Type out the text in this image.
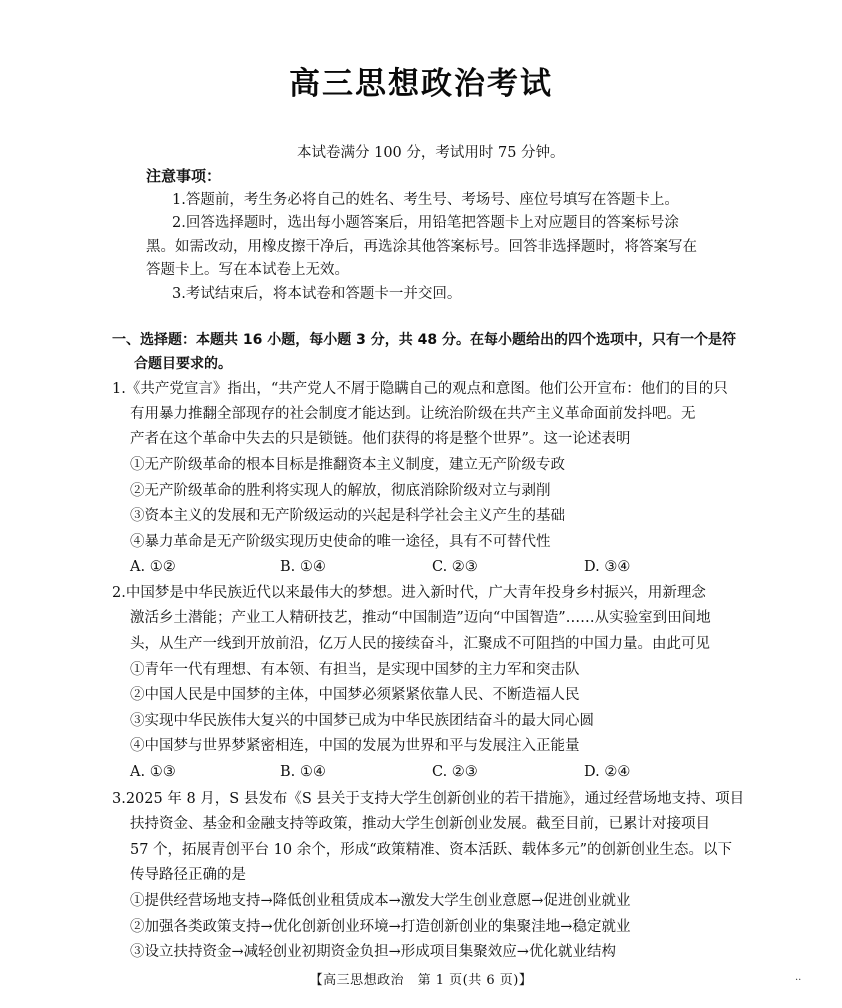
高三思想政治考试
本试卷满分 100 分，考试用时 75 分钟。
注意事项：
1.答题前，考生务必将自己的姓名、考生号、考场号、座位号填写在答题卡上。
2.回答选择题时，选出每小题答案后，用铅笔把答题卡上对应题目的答案标号涂
黑。如需改动，用橡皮擦干净后，再选涂其他答案标号。回答非选择题时，将答案写在
答题卡上。写在本试卷上无效。
3.考试结束后，将本试卷和答题卡一并交回。
一、选择题：本题共 16 小题，每小题 3 分，共 48 分。在每小题给出的四个选项中，只有一个是符
合题目要求的。
1.《共产党宣言》指出，“共产党人不屑于隐瞒自己的观点和意图。他们公开宣布：他们的目的只
有用暴力推翻全部现存的社会制度才能达到。让统治阶级在共产主义革命面前发抖吧。无
产者在这个革命中失去的只是锁链。他们获得的将是整个世界”。这一论述表明
①无产阶级革命的根本目标是推翻资本主义制度，建立无产阶级专政
②无产阶级革命的胜利将实现人的解放，彻底消除阶级对立与剥削
③资本主义的发展和无产阶级运动的兴起是科学社会主义产生的基础
④暴力革命是无产阶级实现历史使命的唯一途径，具有不可替代性
A. ①②	B. ①④	C. ②③	D. ③④
2.中国梦是中华民族近代以来最伟大的梦想。进入新时代，广大青年投身乡村振兴，用新理念
激活乡土潜能；产业工人精研技艺，推动“中国制造”迈向“中国智造”……从实验室到田间地
头，从生产一线到开放前沿，亿万人民的接续奋斗，汇聚成不可阻挡的中国力量。由此可见
①青年一代有理想、有本领、有担当，是实现中国梦的主力军和突击队
②中国人民是中国梦的主体，中国梦必须紧紧依靠人民、不断造福人民
③实现中华民族伟大复兴的中国梦已成为中华民族团结奋斗的最大同心圆
④中国梦与世界梦紧密相连，中国的发展为世界和平与发展注入正能量
A. ①③	B. ①④	C. ②③	D. ②④
3.2025 年 8 月，S 县发布《S 县关于支持大学生创新创业的若干措施》，通过经营场地支持、项目
扶持资金、基金和金融支持等政策，推动大学生创新创业发展。截至目前，已累计对接项目
57 个，拓展青创平台 10 余个，形成“政策精准、资本活跃、载体多元”的创新创业生态。以下
传导路径正确的是
①提供经营场地支持→降低创业租赁成本→激发大学生创业意愿→促进创业就业
②加强各类政策支持→优化创新创业环境→打造创新创业的集聚洼地→稳定就业
③设立扶持资金→减轻创业初期资金负担→形成项目集聚效应→优化就业结构
【高三思想政治　第 1 页(共 6 页)】	..
